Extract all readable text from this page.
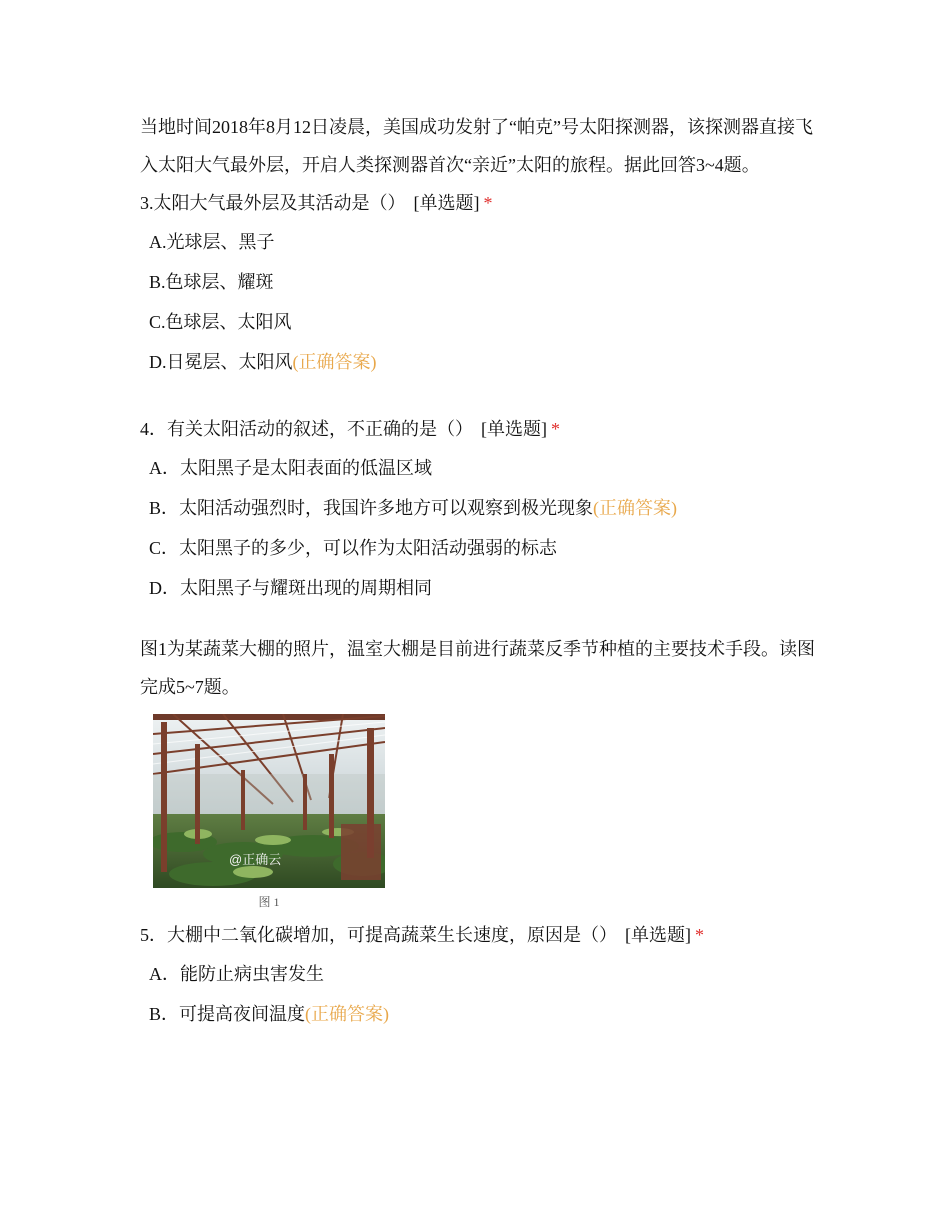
当地时间2018年8月12日凌晨，美国成功发射了“帕克”号太阳探测器，该探测器直接飞入太阳大气最外层，开启人类探测器首次“亲近”太阳的旅程。据此回答3~4题。

3.太阳大气最外层及其活动是（） [单选题] *

A.光球层、黑子
B.色球层、耀斑
C.色球层、太阳风
D.日冕层、太阳风(正确答案)

4．有关太阳活动的叙述，不正确的是（） [单选题] *

A．太阳黑子是太阳表面的低温区域
B．太阳活动强烈时，我国许多地方可以观察到极光现象(正确答案)
C．太阳黑子的多少，可以作为太阳活动强弱的标志
D．太阳黑子与耀斑出现的周期相同

图1为某蔬菜大棚的照片，温室大棚是目前进行蔬菜反季节种植的主要技术手段。读图完成5~7题。

@正确云
图 1

5．大棚中二氧化碳增加，可提高蔬菜生长速度，原因是（） [单选题] *

A．能防止病虫害发生
B．可提高夜间温度(正确答案)
